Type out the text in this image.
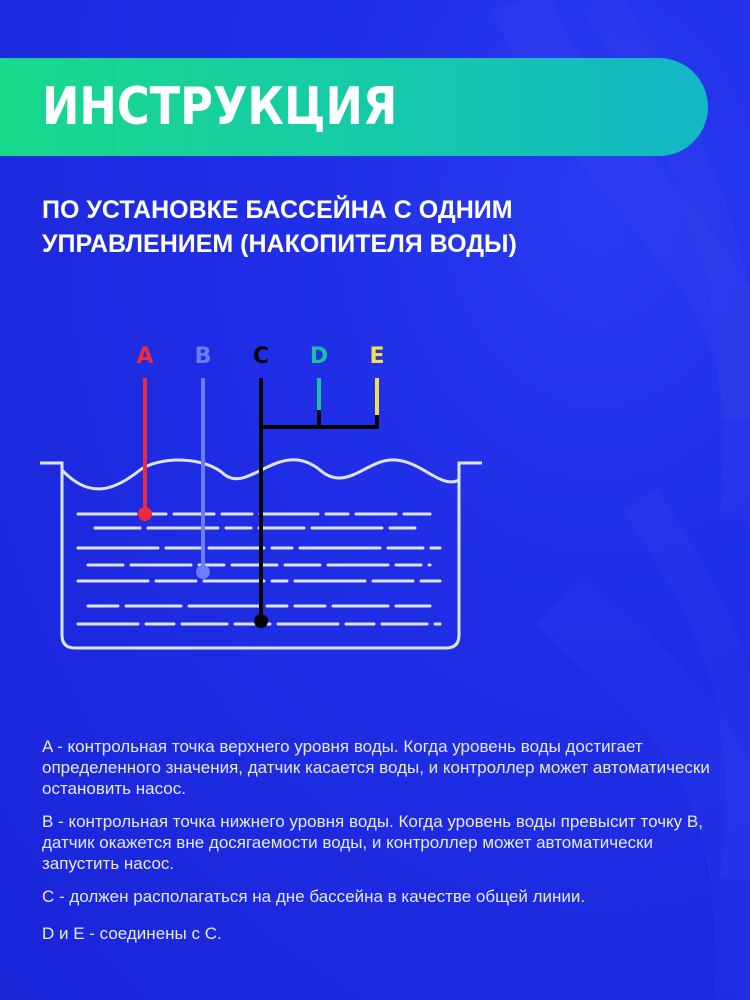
ИНСТРУКЦИЯ
ПО УСТАНОВКЕ БАССЕЙНА С ОДНИМ
УПРАВЛЕНИЕМ (НАКОПИТЕЛЯ ВОДЫ)
A B C D E

A - контрольная точка верхнего уровня воды. Когда уровень воды достигает определенного значения, датчик касается воды, и контроллер может автоматически остановить насос.

B - контрольная точка нижнего уровня воды. Когда уровень воды превысит точку B, датчик окажется вне досягаемости воды, и контроллер может автоматически запустить насос.

C - должен располагаться на дне бассейна в качестве общей линии.

D и E - соединены с C.
